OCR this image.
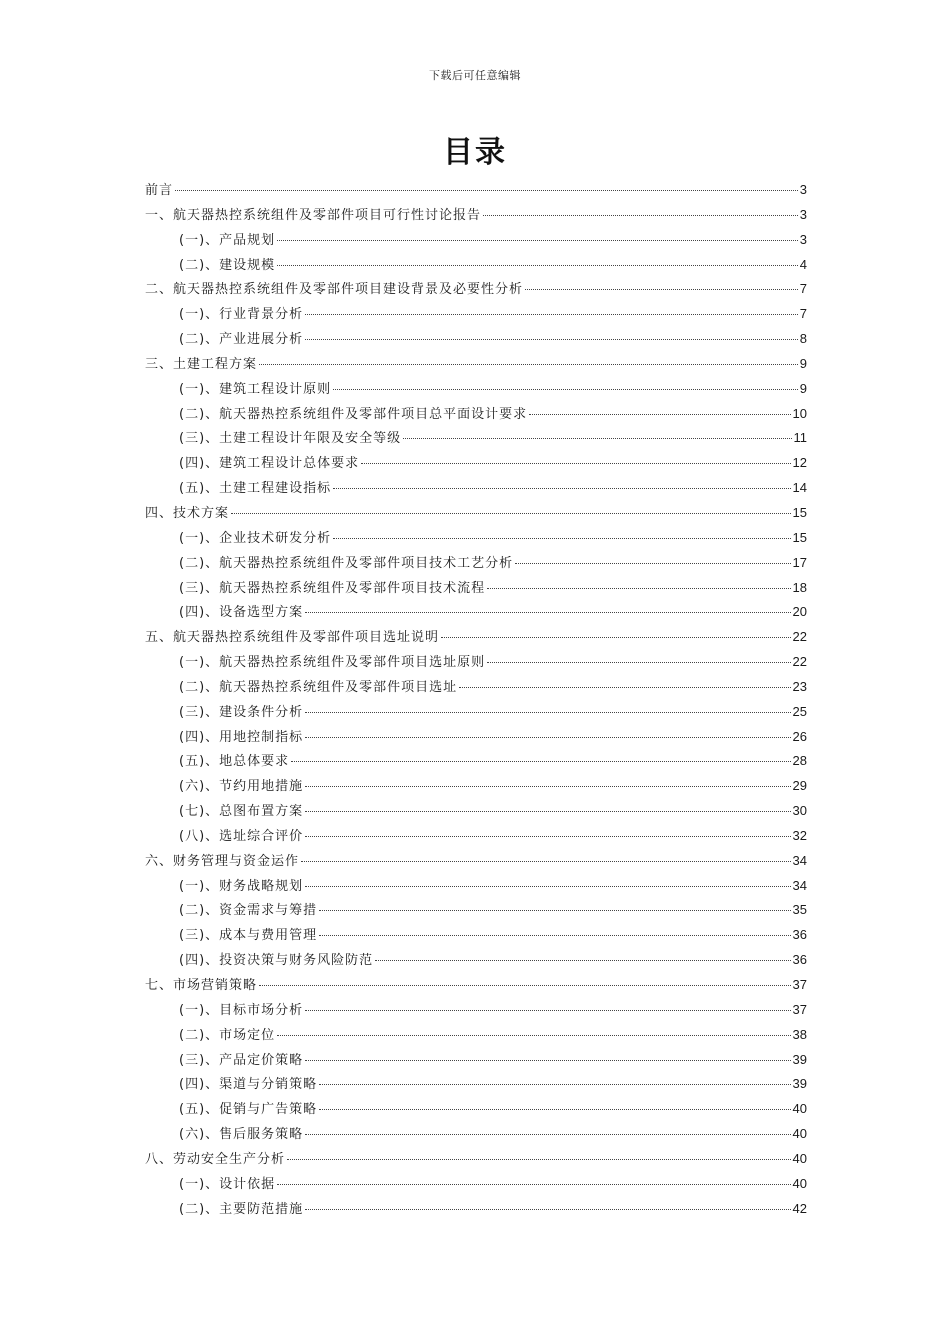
下载后可任意编辑
目录
前言	3
一、航天器热控系统组件及零部件项目可行性讨论报告	3
(一)、产品规划	3
(二)、建设规模	4
二、航天器热控系统组件及零部件项目建设背景及必要性分析	7
(一)、行业背景分析	7
(二)、产业进展分析	8
三、土建工程方案	9
(一)、建筑工程设计原则	9
(二)、航天器热控系统组件及零部件项目总平面设计要求	10
(三)、土建工程设计年限及安全等级	11
(四)、建筑工程设计总体要求	12
(五)、土建工程建设指标	14
四、技术方案	15
(一)、企业技术研发分析	15
(二)、航天器热控系统组件及零部件项目技术工艺分析	17
(三)、航天器热控系统组件及零部件项目技术流程	18
(四)、设备选型方案	20
五、航天器热控系统组件及零部件项目选址说明	22
(一)、航天器热控系统组件及零部件项目选址原则	22
(二)、航天器热控系统组件及零部件项目选址	23
(三)、建设条件分析	25
(四)、用地控制指标	26
(五)、地总体要求	28
(六)、节约用地措施	29
(七)、总图布置方案	30
(八)、选址综合评价	32
六、财务管理与资金运作	34
(一)、财务战略规划	34
(二)、资金需求与筹措	35
(三)、成本与费用管理	36
(四)、投资决策与财务风险防范	36
七、市场营销策略	37
(一)、目标市场分析	37
(二)、市场定位	38
(三)、产品定价策略	39
(四)、渠道与分销策略	39
(五)、促销与广告策略	40
(六)、售后服务策略	40
八、劳动安全生产分析	40
(一)、设计依据	40
(二)、主要防范措施	42
